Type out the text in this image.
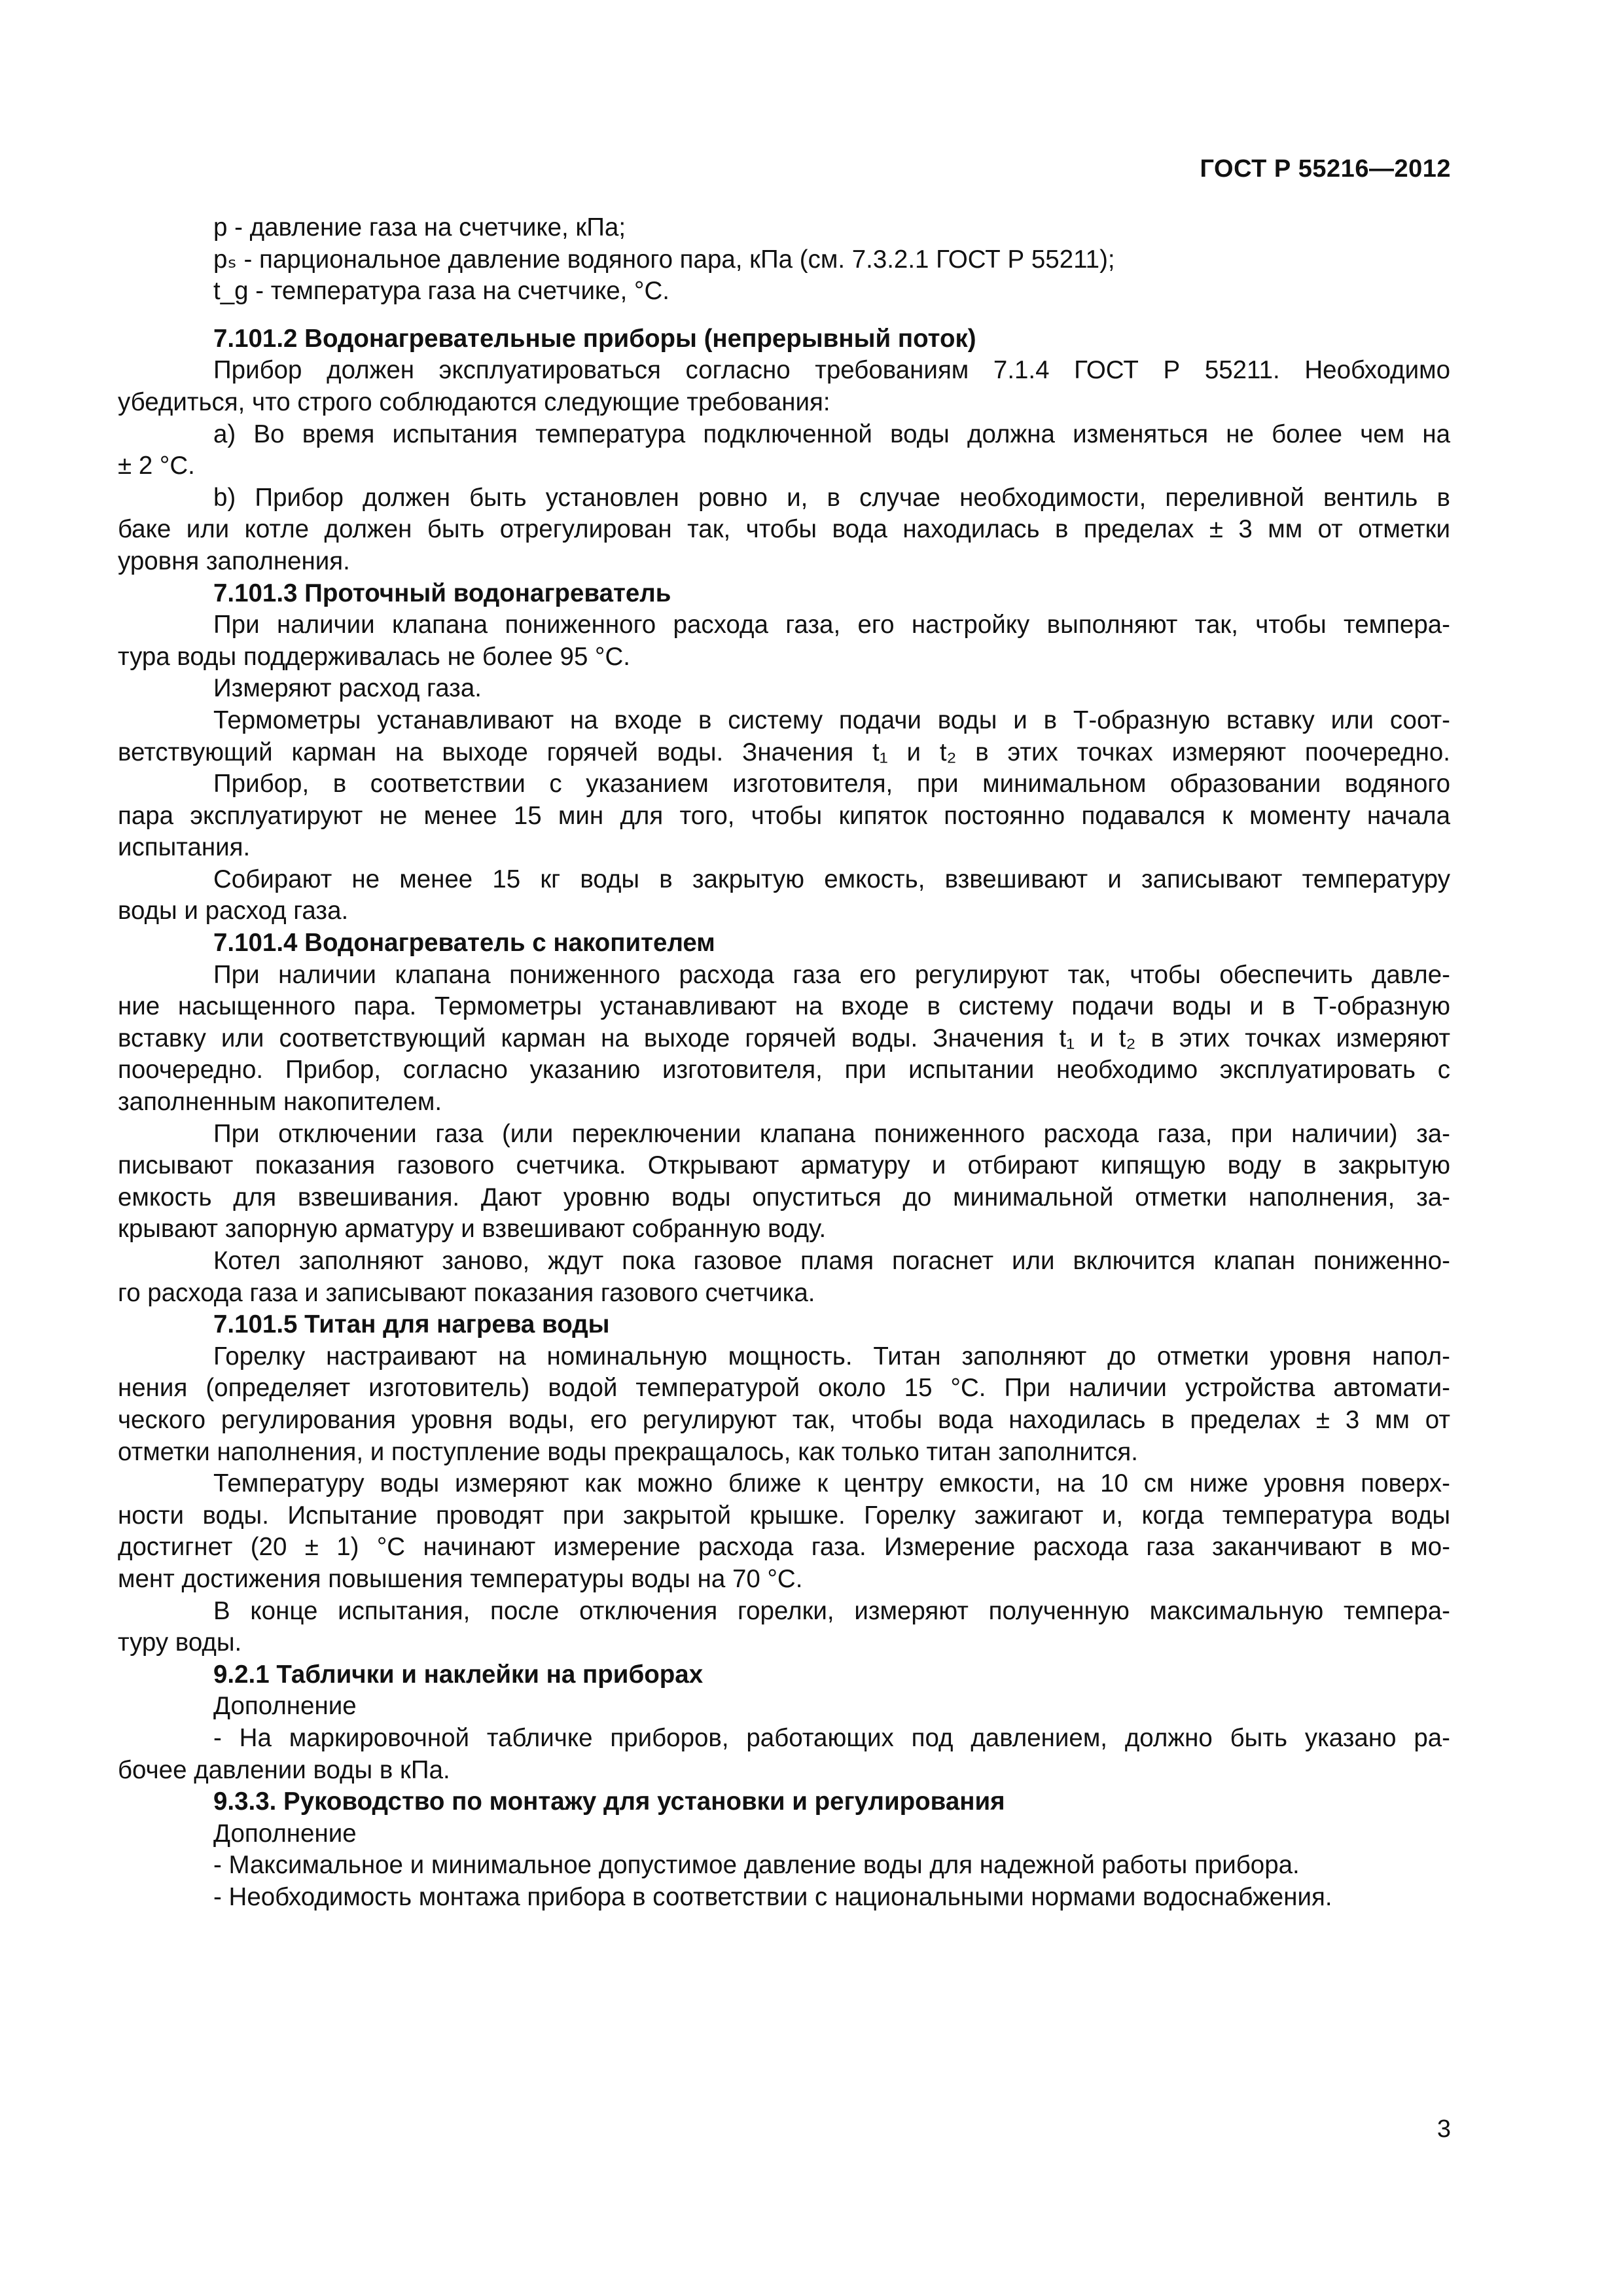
ГОСТ Р 55216—2012
р - давление газа на счетчике, кПа;
pₛ - парциональное давление водяного пара, кПа (см. 7.3.2.1 ГОСТ Р 55211);
t_g - температура газа на счетчике, °С.
7.101.2 Водонагревательные приборы (непрерывный поток)
Прибор должен эксплуатироваться согласно требованиям 7.1.4 ГОСТ Р 55211. Необходимо
убедиться, что строго соблюдаются следующие требования:
а) Во время испытания температура подключенной воды должна изменяться не более чем на
± 2 °С.
b) Прибор должен быть установлен ровно и, в случае необходимости, переливной вентиль в
баке или котле должен быть отрегулирован так, чтобы вода находилась в пределах ± 3 мм от отметки
уровня заполнения.
7.101.3 Проточный водонагреватель
При наличии клапана пониженного расхода газа, его настройку выполняют так, чтобы темпера-
тура воды поддерживалась не более 95 °С.
Измеряют расход газа.
Термометры устанавливают на входе в систему подачи воды и в Т-образную вставку или соот-
ветствующий карман на выходе горячей воды. Значения t₁ и t₂ в этих точках измеряют поочередно.
Прибор, в соответствии с указанием изготовителя, при минимальном образовании водяного
пара эксплуатируют не менее 15 мин для того, чтобы кипяток постоянно подавался к моменту начала
испытания.
Собирают не менее 15 кг воды в закрытую емкость, взвешивают и записывают температуру
воды и расход газа.
7.101.4 Водонагреватель с накопителем
При наличии клапана пониженного расхода газа его регулируют так, чтобы обеспечить давле-
ние насыщенного пара. Термометры устанавливают на входе в систему подачи воды и в Т-образную
вставку или соответствующий карман на выходе горячей воды. Значения t₁ и t₂ в этих точках измеряют
поочередно. Прибор, согласно указанию изготовителя, при испытании необходимо эксплуатировать с
заполненным накопителем.
При отключении газа (или переключении клапана пониженного расхода газа, при наличии) за-
писывают показания газового счетчика. Открывают арматуру и отбирают кипящую воду в закрытую
емкость для взвешивания. Дают уровню воды опуститься до минимальной отметки наполнения, за-
крывают запорную арматуру и взвешивают собранную воду.
Котел заполняют заново, ждут пока газовое пламя погаснет или включится клапан пониженно-
го расхода газа и записывают показания газового счетчика.
7.101.5 Титан для нагрева воды
Горелку настраивают на номинальную мощность. Титан заполняют до отметки уровня напол-
нения (определяет изготовитель) водой температурой около 15 °С. При наличии устройства автомати-
ческого регулирования уровня воды, его регулируют так, чтобы вода находилась в пределах ± 3 мм от
отметки наполнения, и поступление воды прекращалось, как только титан заполнится.
Температуру воды измеряют как можно ближе к центру емкости, на 10 см ниже уровня поверх-
ности воды. Испытание проводят при закрытой крышке. Горелку зажигают и, когда температура воды
достигнет (20 ± 1) °С начинают измерение расхода газа. Измерение расхода газа заканчивают в мо-
мент достижения повышения температуры воды на 70 °С.
В конце испытания, после отключения горелки, измеряют полученную максимальную темпера-
туру воды.
9.2.1 Таблички и наклейки на приборах
Дополнение
- На маркировочной табличке приборов, работающих под давлением, должно быть указано ра-
бочее давлении воды в кПа.
9.3.3. Руководство по монтажу для установки и регулирования
Дополнение
- Максимальное и минимальное допустимое давление воды для надежной работы прибора.
- Необходимость монтажа прибора в соответствии с национальными нормами водоснабжения.
3
